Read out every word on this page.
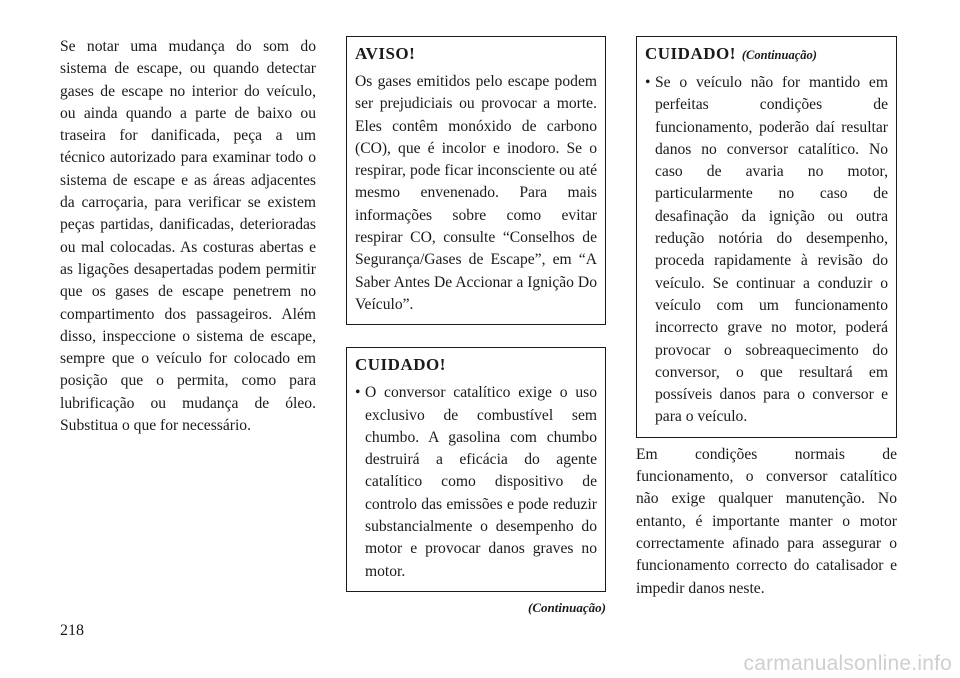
Se notar uma mudança do som do sistema de escape, ou quando detectar gases de escape no interior do veículo, ou ainda quando a parte de baixo ou traseira for danificada, peça a um técnico autorizado para examinar todo o sistema de escape e as áreas adjacentes da carroçaria, para verificar se existem peças partidas, danificadas, deterioradas ou mal colocadas. As costuras abertas e as ligações desapertadas podem permitir que os gases de escape penetrem no compartimento dos passageiros. Além disso, inspeccione o sistema de escape, sempre que o veículo for colocado em posição que o permita, como para lubrificação ou mudança de óleo. Substitua o que for necessário.

AVISO!

Os gases emitidos pelo escape podem ser prejudiciais ou provocar a morte. Eles contêm monóxido de carbono (CO), que é incolor e inodoro. Se o respirar, pode ficar inconsciente ou até mesmo envenenado. Para mais informações sobre como evitar respirar CO, consulte “Conselhos de Segurança/Gases de Escape”, em “A Saber Antes De Accionar a Ignição Do Veículo”.

CUIDADO!
• O conversor catalítico exige o uso exclusivo de combustível sem chumbo. A gasolina com chumbo destruirá a eficácia do agente catalítico como dispositivo de controlo das emissões e pode reduzir substancialmente o desempenho do motor e provocar danos graves no motor.

(Continuação)

CUIDADO! (Continuação)
• Se o veículo não for mantido em perfeitas condições de funcionamento, poderão daí resultar danos no conversor catalítico. No caso de avaria no motor, particularmente no caso de desafinação da ignição ou outra redução notória do desempenho, proceda rapidamente à revisão do veículo. Se continuar a conduzir o veículo com um funcionamento incorrecto grave no motor, poderá provocar o sobreaquecimento do conversor, o que resultará em possíveis danos para o conversor e para o veículo.

Em condições normais de funcionamento, o conversor catalítico não exige qualquer manutenção. No entanto, é importante manter o motor correctamente afinado para assegurar o funcionamento correcto do catalisador e impedir danos neste.

218
carmanualsonline.info
